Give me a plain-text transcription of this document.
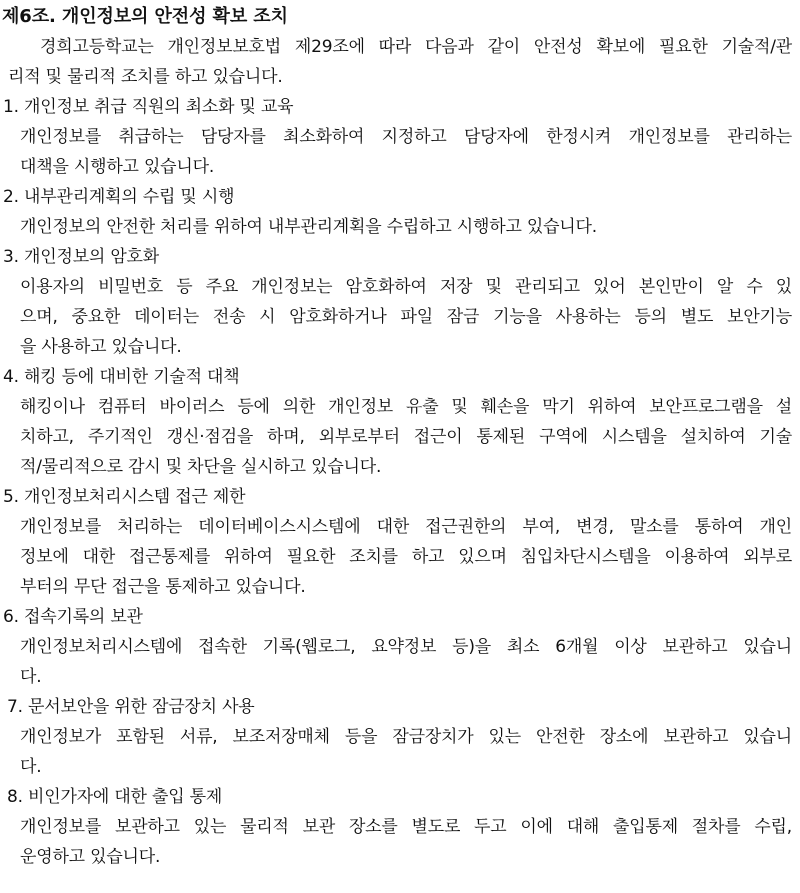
제6조. 개인정보의 안전성 확보 조치
경희고등학교는 개인정보보호법 제29조에 따라 다음과 같이 안전성 확보에 필요한 기술적/관
리적 및 물리적 조치를 하고 있습니다.
1. 개인정보 취급 직원의 최소화 및 교육
개인정보를 취급하는 담당자를 최소화하여 지정하고 담당자에 한정시켜 개인정보를 관리하는
대책을 시행하고 있습니다.
2. 내부관리계획의 수립 및 시행
개인정보의 안전한 처리를 위하여 내부관리계획을 수립하고 시행하고 있습니다.
3. 개인정보의 암호화
이용자의 비밀번호 등 주요 개인정보는 암호화하여 저장 및 관리되고 있어 본인만이 알 수 있
으며, 중요한 데이터는 전송 시 암호화하거나 파일 잠금 기능을 사용하는 등의 별도 보안기능
을 사용하고 있습니다.
4. 해킹 등에 대비한 기술적 대책
해킹이나 컴퓨터 바이러스 등에 의한 개인정보 유출 및 훼손을 막기 위하여 보안프로그램을 설
치하고, 주기적인 갱신·점검을 하며, 외부로부터 접근이 통제된 구역에 시스템을 설치하여 기술
적/물리적으로 감시 및 차단을 실시하고 있습니다.
5. 개인정보처리시스템 접근 제한
개인정보를 처리하는 데이터베이스시스템에 대한 접근권한의 부여, 변경, 말소를 통하여 개인
정보에 대한 접근통제를 위하여 필요한 조치를 하고 있으며 침입차단시스템을 이용하여 외부로
부터의 무단 접근을 통제하고 있습니다.
6. 접속기록의 보관
개인정보처리시스템에 접속한 기록(웹로그, 요약정보 등)을 최소 6개월 이상 보관하고 있습니
다.
7. 문서보안을 위한 잠금장치 사용
개인정보가 포함된 서류, 보조저장매체 등을 잠금장치가 있는 안전한 장소에 보관하고 있습니
다.
8. 비인가자에 대한 출입 통제
개인정보를 보관하고 있는 물리적 보관 장소를 별도로 두고 이에 대해 출입통제 절차를 수립,
운영하고 있습니다.
